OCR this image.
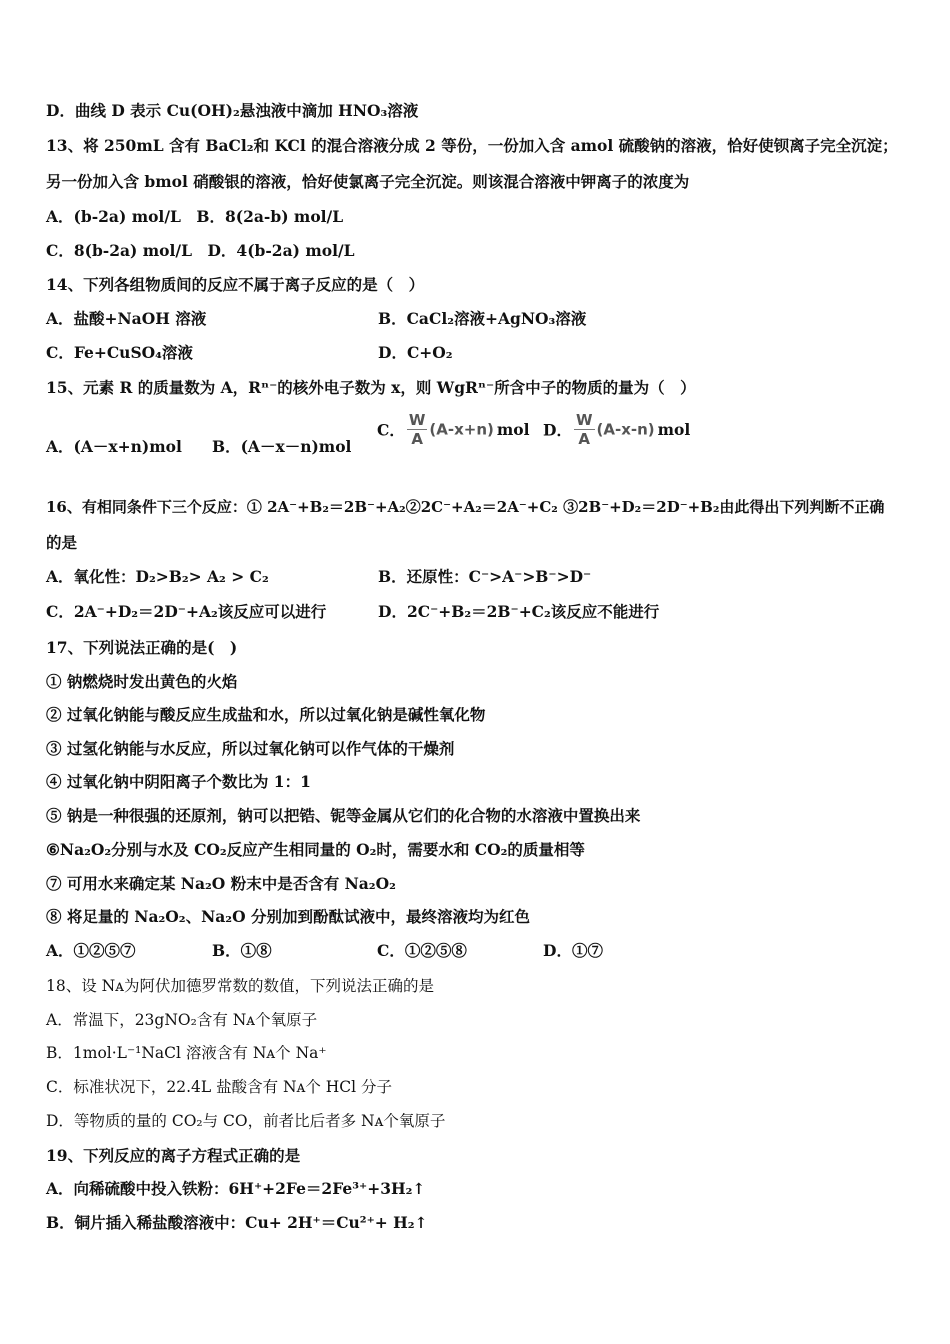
D．曲线 D 表示 Cu(OH)₂悬浊液中滴加 HNO₃溶液
13、将 250mL 含有 BaCl₂和 KCl 的混合溶液分成 2 等份，一份加入含 amol 硫酸钠的溶液，恰好使钡离子完全沉淀；
另一份加入含 bmol 硝酸银的溶液，恰好使氯离子完全沉淀。则该混合溶液中钾离子的浓度为
A．(b-2a) mol/L　B．8(2a-b) mol/L
C．8(b-2a) mol/L　D．4(b-2a) mol/L
14、下列各组物质间的反应不属于离子反应的是（　）
A．盐酸+NaOH 溶液	B．CaCl₂溶液+AgNO₃溶液
C．Fe+CuSO₄溶液	D．C+O₂
15、元素 R 的质量数为 A，Rⁿ⁻的核外电子数为 x，则 WgRⁿ⁻所含中子的物质的量为（　）
A．(A－x+n)mol B．(A－x－n)mol
C． $\frac{W}{A} (A-x+n)$ mol D． $\frac{W}{A} (A-x-n)$ mol
16、有相同条件下三个反应：① 2A⁻+B₂＝2B⁻+A₂②2C⁻+A₂＝2A⁻+C₂ ③2B⁻+D₂＝2D⁻+B₂由此得出下列判断不正确
的是
A．氧化性：D₂>B₂> A₂ > C₂	B．还原性：C⁻>A⁻>B⁻>D⁻
C．2A⁻+D₂＝2D⁻+A₂该反应可以进行	D．2C⁻+B₂＝2B⁻+C₂该反应不能进行
17、下列说法正确的是(　)
① 钠燃烧时发出黄色的火焰
② 过氧化钠能与酸反应生成盐和水，所以过氧化钠是碱性氧化物
③ 过氢化钠能与水反应，所以过氧化钠可以作气体的干燥剂
④ 过氧化钠中阴阳离子个数比为 1：1
⑤ 钠是一种很强的还原剂，钠可以把锆、铌等金属从它们的化合物的水溶液中置换出来
⑥Na₂O₂分别与水及 CO₂反应产生相同量的 O₂时，需要水和 CO₂的质量相等
⑦ 可用水来确定某 Na₂O 粉末中是否含有 Na₂O₂
⑧ 将足量的 Na₂O₂、Na₂O 分别加到酚酞试液中，最终溶液均为红色
A．①②⑤⑦	B．①⑧	C．①②⑤⑧	D．①⑦
18、设 Nᴀ为阿伏加德罗常数的数值，下列说法正确的是
A．常温下，23gNO₂含有 Nᴀ个氧原子
B．1mol·L⁻¹NaCl 溶液含有 Nᴀ个 Na⁺
C．标准状况下，22.4L 盐酸含有 Nᴀ个 HCl 分子
D．等物质的量的 CO₂与 CO，前者比后者多 Nᴀ个氧原子
19、下列反应的离子方程式正确的是
A．向稀硫酸中投入铁粉：6H⁺+2Fe＝2Fe³⁺+3H₂↑
B．铜片插入稀盐酸溶液中：Cu+ 2H⁺＝Cu²⁺+ H₂↑
